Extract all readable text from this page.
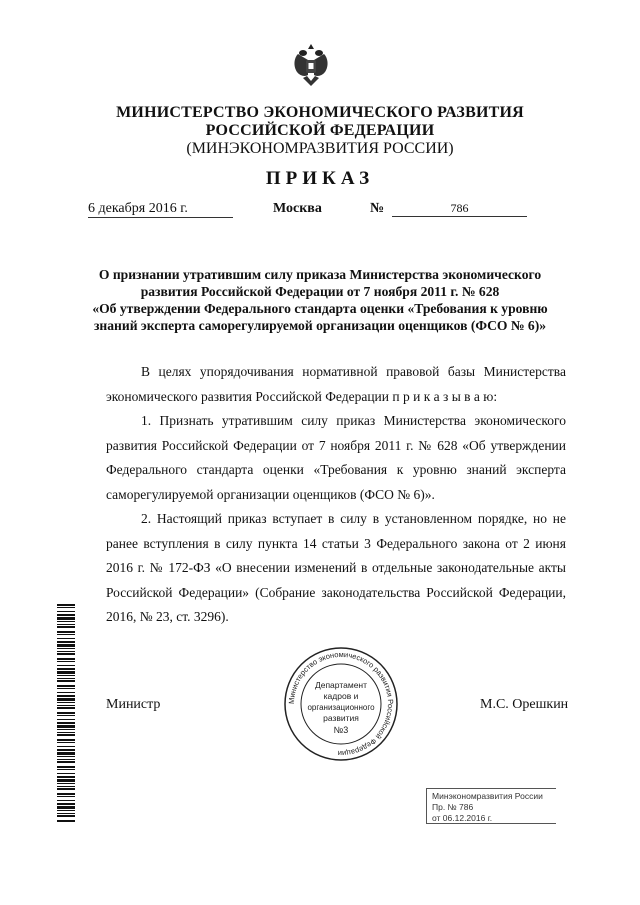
МИНИСТЕРСТВО ЭКОНОМИЧЕСКОГО РАЗВИТИЯ
РОССИЙСКОЙ ФЕДЕРАЦИИ
(МИНЭКОНОМРАЗВИТИЯ РОССИИ)
ПРИКАЗ
6 декабря 2016 г.	Москва	№	786
О признании утратившим силу приказа Министерства экономического
развития Российской Федерации от 7 ноября 2011 г. № 628
«Об утверждении Федерального стандарта оценки «Требования к уровню
знаний эксперта саморегулируемой организации оценщиков (ФСО № 6)»
В целях упорядочивания нормативной правовой базы Министерства экономического развития Российской Федерации п р и к а з ы в а ю:
1. Признать утратившим силу приказ Министерства экономического развития Российской Федерации от 7 ноября 2011 г. № 628 «Об утверждении Федерального стандарта оценки «Требования к уровню знаний эксперта саморегулируемой организации оценщиков (ФСО № 6)».
2. Настоящий приказ вступает в силу в установленном порядке, но не ранее вступления в силу пункта 14 статьи 3 Федерального закона от 2 июня 2016 г. № 172-ФЗ «О внесении изменений в отдельные законодательные акты Российской Федерации» (Собрание законодательства Российской Федерации, 2016, № 23, ст. 3296).
Министр	М.С. Орешкин
Министерство экономического развития Российской Федерации
Департамент
кадров и
организационного
развития
№3
Минэкономразвития России
Пр. № 786
от 06.12.2016 г.
